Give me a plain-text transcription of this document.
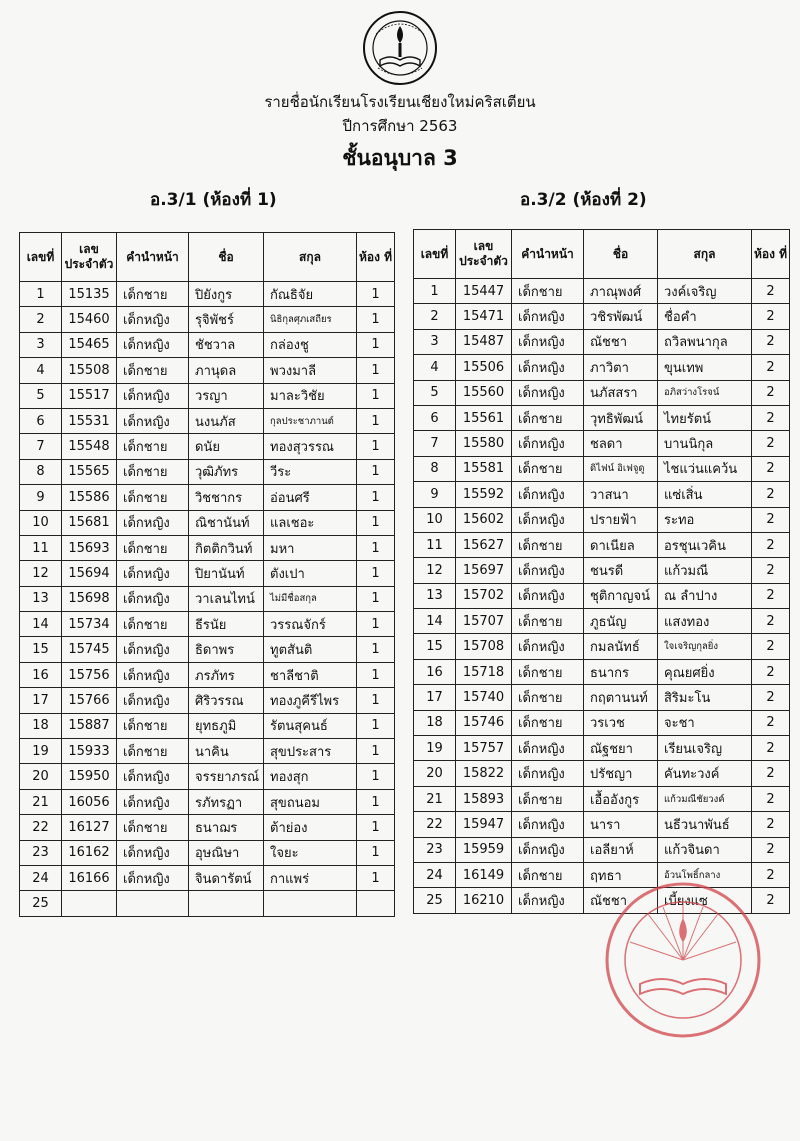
รายชื่อนักเรียนโรงเรียนเชียงใหม่คริสเตียน
ปีการศึกษา 2563
ชั้นอนุบาล 3
อ.3/1 (ห้องที่ 1)	อ.3/2 (ห้องที่ 2)
เลขที่	เลข ประจำตัว	คำนำหน้า	ชื่อ	สกุล	ห้อง ที่
1	15135	เด็กชาย	ปิยังกูร	กัณธิจัย	1
2	15460	เด็กหญิง	รุจิพัชร์	นิธิกุลศุภเสถียร	1
3	15465	เด็กหญิง	ชัชวาล	กล่องชู	1
4	15508	เด็กชาย	ภานุดล	พวงมาลี	1
5	15517	เด็กหญิง	วรญา	มาละวิชัย	1
6	15531	เด็กหญิง	นงนภัส	กุลประชาภานต์	1
7	15548	เด็กชาย	ดนัย	ทองสุวรรณ	1
8	15565	เด็กชาย	วุฒิภัทร	วีระ	1
9	15586	เด็กชาย	วิชชากร	อ่อนศรี	1
10	15681	เด็กหญิง	ณิชานันท์	แลเชอะ	1
11	15693	เด็กชาย	กิตติกวินท์	มหา	1
12	15694	เด็กหญิง	ปิยานันท์	ตังเปา	1
13	15698	เด็กหญิง	วาเลนไทน์	ไม่มีชื่อสกุล	1
14	15734	เด็กชาย	ธีรนัย	วรรณจักร์	1
15	15745	เด็กหญิง	ธิดาพร	ทูตสันติ	1
16	15756	เด็กหญิง	ภรภัทร	ชาลีชาติ	1
17	15766	เด็กหญิง	ศิริวรรณ	ทองภูคีรีไพร	1
18	15887	เด็กชาย	ยุทธภูมิ	รัตนสุคนธ์	1
19	15933	เด็กชาย	นาคิน	สุขประสาร	1
20	15950	เด็กหญิง	จรรยาภรณ์	ทองสุก	1
21	16056	เด็กหญิง	รภัทรฏา	สุขถนอม	1
22	16127	เด็กชาย	ธนาฌร	ต้าย่อง	1
23	16162	เด็กหญิง	อุษณิษา	ใจยะ	1
24	16166	เด็กหญิง	จินดารัตน์	กาแพร่	1
25					
เลขที่	เลข ประจำตัว	คำนำหน้า	ชื่อ	สกุล	ห้อง ที่
1	15447	เด็กชาย	ภาณุพงศ์	วงค์เจริญ	2
2	15471	เด็กหญิง	วชิรพัฒน์	ชื่อคำ	2
3	15487	เด็กหญิง	ณัชชา	ถวิลพนากุล	2
4	15506	เด็กหญิง	ภาวิตา	ขุนเทพ	2
5	15560	เด็กหญิง	นภัสสรา	อภิสว่างโรจน์	2
6	15561	เด็กชาย	วุทธิพัฒน์	ไทยรัตน์	2
7	15580	เด็กหญิง	ชลดา	บานนิกุล	2
8	15581	เด็กชาย	ดิไฟน์ อิเฟจูดู	ไชแว่นแคว้น	2
9	15592	เด็กหญิง	วาสนา	แซ่เสิ่น	2
10	15602	เด็กหญิง	ปรายฟ้า	ระทอ	2
11	15627	เด็กชาย	ดาเนียล	อรชุนเวคิน	2
12	15697	เด็กหญิง	ชนรดี	แก้วมณี	2
13	15702	เด็กหญิง	ชุติกาญจน์	ณ ลำปาง	2
14	15707	เด็กชาย	ภูธนัญ	แสงทอง	2
15	15708	เด็กหญิง	กมลนัทธ์	ใจเจริญกุลยิ่ง	2
16	15718	เด็กชาย	ธนากร	คุณยศยิ่ง	2
17	15740	เด็กชาย	กฤตานนท์	สิริมะโน	2
18	15746	เด็กชาย	วรเวช	จะชา	2
19	15757	เด็กหญิง	ณัฐชยา	เรียนเจริญ	2
20	15822	เด็กหญิง	ปรัชญา	คันทะวงค์	2
21	15893	เด็กชาย	เอื้ออังกูร	แก้วมณีชัยวงค์	2
22	15947	เด็กหญิง	นารา	นธีวนาพันธ์	2
23	15959	เด็กหญิง	เอลียาห์	แก้วจินดา	2
24	16149	เด็กชาย	ฤทธา	อ้วนโพธิ์กลาง	2
25	16210	เด็กหญิง	ณัชชา	เบี้ยงแซ	2
